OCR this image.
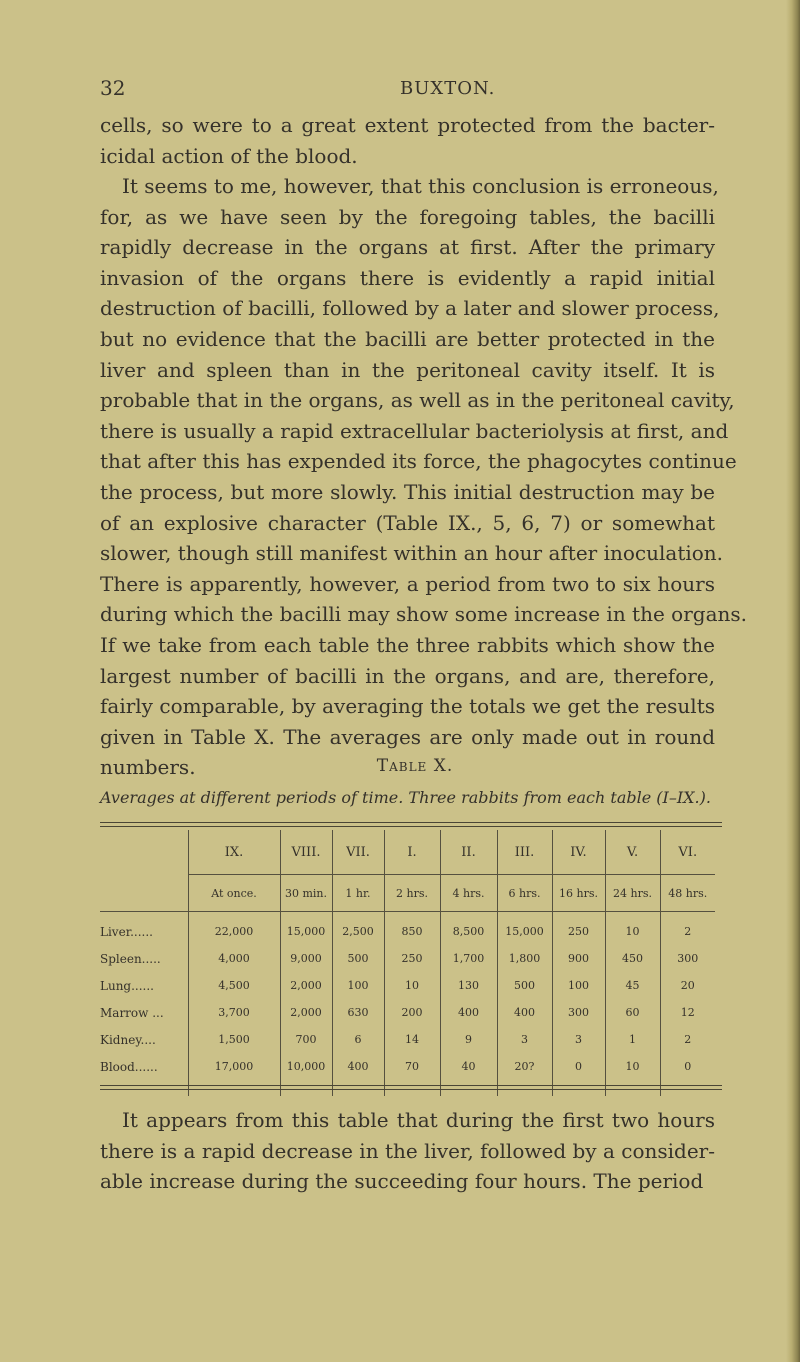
32	BUXTON.
cells, so were to a great extent protected from the bacter-
icidal action of the blood.
It seems to me, however, that this conclusion is erroneous,
for, as we have seen by the foregoing tables, the bacilli
rapidly decrease in the organs at first. After the primary
invasion of the organs there is evidently a rapid initial
destruction of bacilli, followed by a later and slower process,
but no evidence that the bacilli are better protected in the
liver and spleen than in the peritoneal cavity itself. It is
probable that in the organs, as well as in the peritoneal cavity,
there is usually a rapid extracellular bacteriolysis at first, and
that after this has expended its force, the phagocytes continue
the process, but more slowly. This initial destruction may be
of an explosive character (Table IX., 5, 6, 7) or somewhat
slower, though still manifest within an hour after inoculation.
There is apparently, however, a period from two to six hours
during which the bacilli may show some increase in the organs.
If we take from each table the three rabbits which show the
largest number of bacilli in the organs, and are, therefore,
fairly comparable, by averaging the totals we get the results
given in Table X. The averages are only made out in round
numbers.	Table X.
Averages at different periods of time. Three rabbits from each table (I–IX.).
	IX.	VIII.	VII.	I.	II.	III.	IV.	V.	VI.
	At once.	30 min.	1 hr.	2 hrs.	4 hrs.	6 hrs.	16 hrs.	24 hrs.	48 hrs.
Liver......	22,000	15,000	2,500	850	8,500	15,000	250	10	2
Spleen.....	4,000	9,000	500	250	1,700	1,800	900	450	300
Lung......	4,500	2,000	100	10	130	500	100	45	20
Marrow ...	3,700	2,000	630	200	400	400	300	60	12
Kidney....	1,500	700	6	14	9	3	3	1	2
Blood......	17,000	10,000	400	70	40	20?	0	10	0

It appears from this table that during the first two hours
there is a rapid decrease in the liver, followed by a consider-
able increase during the succeeding four hours. The period
